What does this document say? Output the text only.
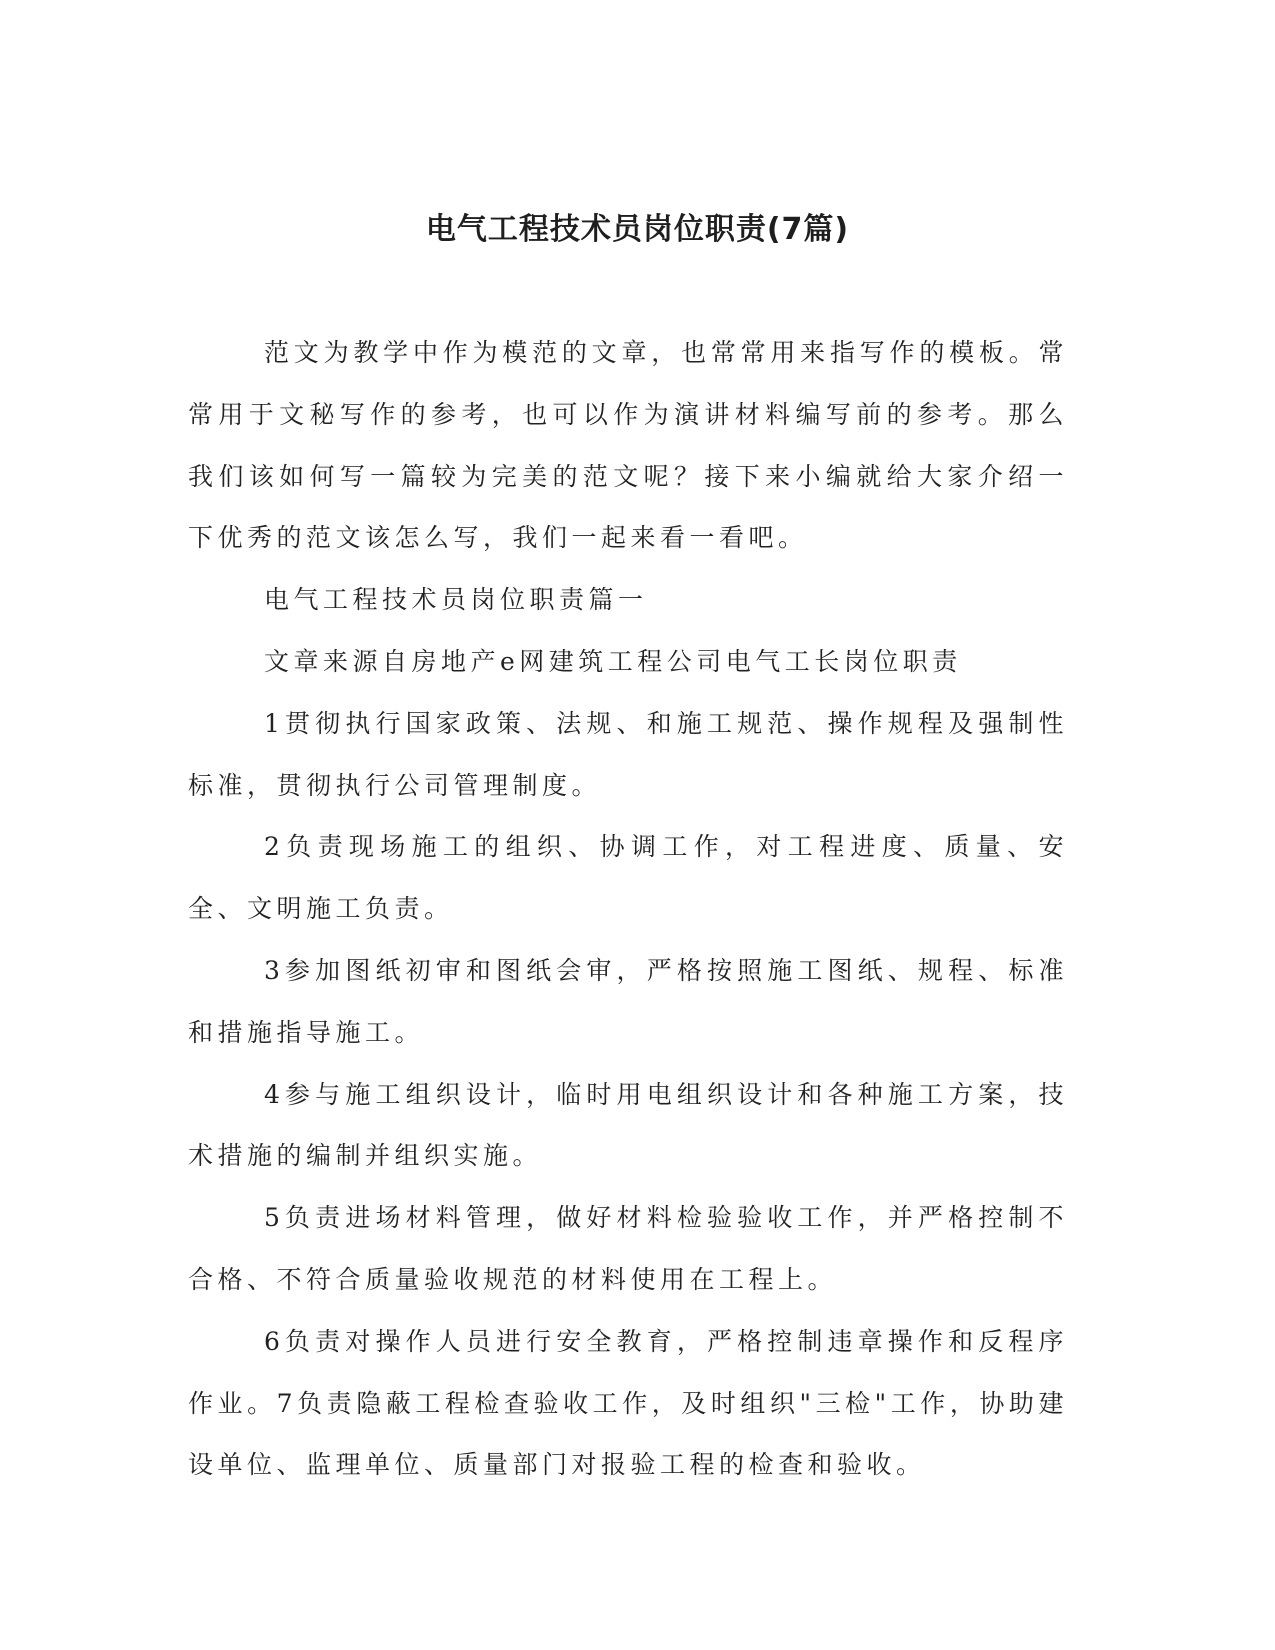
电气工程技术员岗位职责(7篇)

范文为教学中作为模范的文章，也常常用来指写作的模板。常常用于文秘写作的参考，也可以作为演讲材料编写前的参考。那么我们该如何写一篇较为完美的范文呢？接下来小编就给大家介绍一下优秀的范文该怎么写，我们一起来看一看吧。

电气工程技术员岗位职责篇一

文章来源自房地产e网建筑工程公司电气工长岗位职责

1贯彻执行国家政策、法规、和施工规范、操作规程及强制性标准，贯彻执行公司管理制度。

2负责现场施工的组织、协调工作，对工程进度、质量、安全、文明施工负责。

3参加图纸初审和图纸会审，严格按照施工图纸、规程、标准和措施指导施工。

4参与施工组织设计，临时用电组织设计和各种施工方案，技术措施的编制并组织实施。

5负责进场材料管理，做好材料检验验收工作，并严格控制不合格、不符合质量验收规范的材料使用在工程上。

6负责对操作人员进行安全教育，严格控制违章操作和反程序作业。7负责隐蔽工程检查验收工作，及时组织"三检"工作，协助建设单位、监理单位、质量部门对报验工程的检查和验收。
